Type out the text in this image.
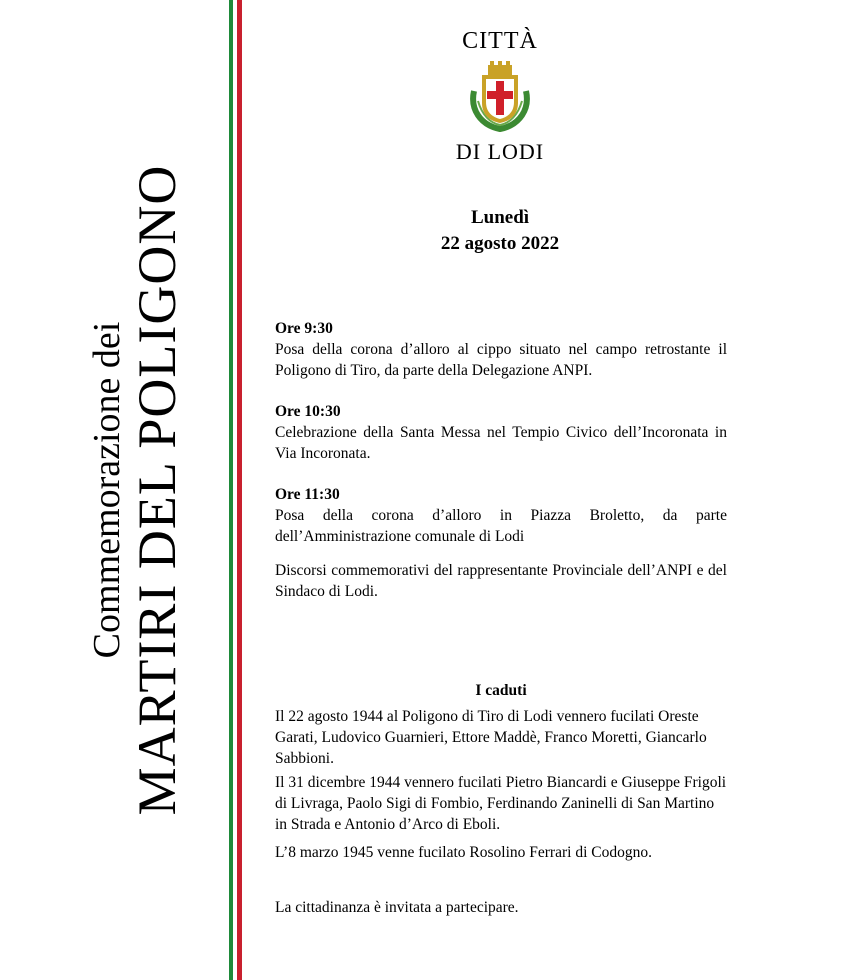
Commemorazione dei MARTIRI DEL POLIGONO
CITTÀ
DI LODI
Lunedì
22 agosto 2022
Ore 9:30
Posa della corona d’alloro al cippo situato nel campo retrostante il Poligono di Tiro, da parte della Delegazione ANPI.
Ore 10:30
Celebrazione della Santa Messa nel Tempio Civico dell’Incoronata in Via Incoronata.
Ore 11:30
Posa della corona d’alloro in Piazza Broletto, da parte dell’Amministrazione comunale di Lodi
Discorsi commemorativi del rappresentante Provinciale dell’ANPI e del Sindaco di Lodi.
I caduti
Il 22 agosto 1944 al Poligono di Tiro di Lodi vennero fucilati Oreste Garati, Ludovico Guarnieri, Ettore Maddè, Franco Moretti, Giancarlo Sabbioni.
Il 31 dicembre 1944 vennero fucilati Pietro Biancardi e Giuseppe Frigoli di Livraga, Paolo Sigi di Fombio, Ferdinando Zaninelli di San Martino in Strada e Antonio d’Arco di Eboli.
L’8 marzo 1945 venne fucilato Rosolino Ferrari di Codogno.
La cittadinanza è invitata a partecipare.
